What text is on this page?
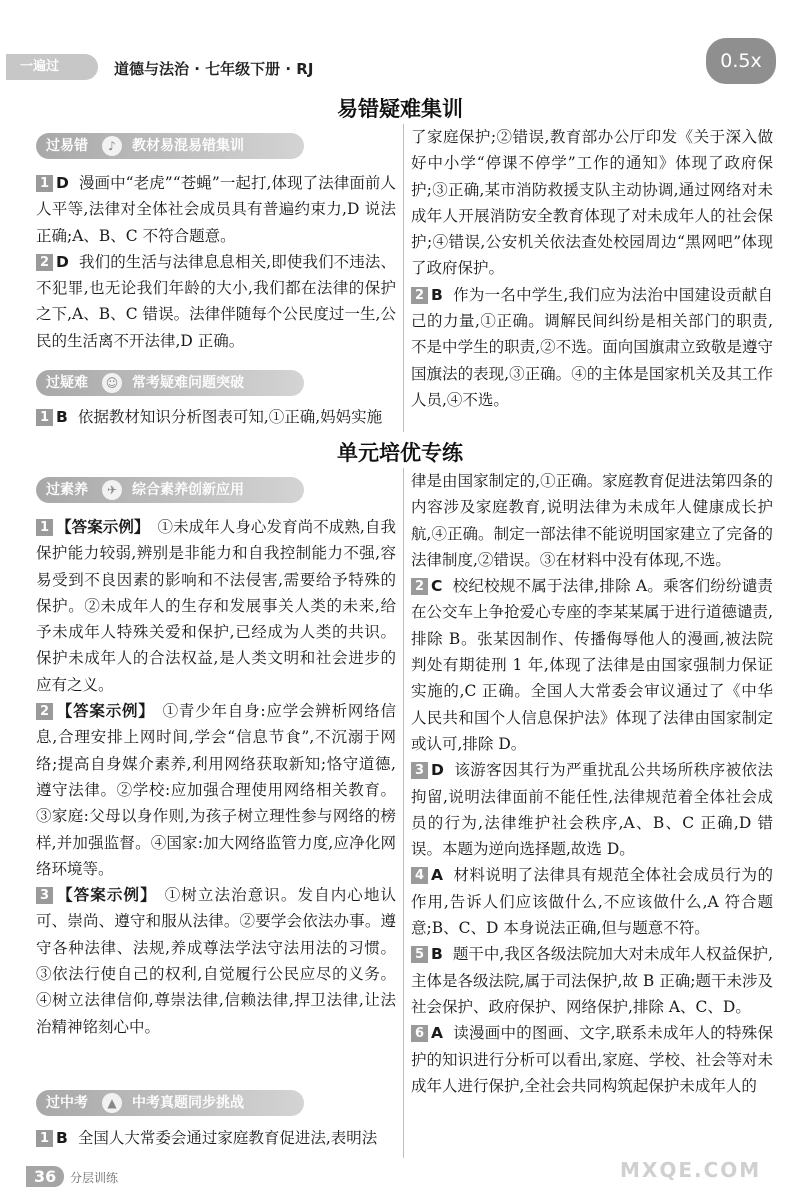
一遍过	道德与法治 · 七年级下册 · RJ	0.5x
易错疑难集训
过易错	♪	教材易混易错集训

1 D 漫画中“老虎”“苍蝇”一起打,体现了法律面前人人平等,法律对全体社会成员具有普遍约束力,D 说法正确;A、B、C 不符合题意。

2 D 我们的生活与法律息息相关,即使我们不违法、不犯罪,也无论我们年龄的大小,我们都在法律的保护之下,A、B、C 错误。法律伴随每个公民度过一生,公民的生活离不开法律,D 正确。

过疑难	☺ 常考疑难问题突破

1 B 依据教材知识分析图表可知,①正确,妈妈实施

了家庭保护;②错误,教育部办公厅印发《关于深入做好中小学“停课不停学”工作的通知》体现了政府保护;③正确,某市消防救援支队主动协调,通过网络对未成年人开展消防安全教育体现了对未成年人的社会保护;④错误,公安机关依法查处校园周边“黑网吧”体现了政府保护。

2 B 作为一名中学生,我们应为法治中国建设贡献自己的力量,①正确。调解民间纠纷是相关部门的职责,不是中学生的职责,②不选。面向国旗肃立致敬是遵守国旗法的表现,③正确。④的主体是国家机关及其工作人员,④不选。

单元培优专练
过素养	✈	综合素养创新应用

1 【答案示例】 ①未成年人身心发育尚不成熟,自我保护能力较弱,辨别是非能力和自我控制能力不强,容易受到不良因素的影响和不法侵害,需要给予特殊的保护。②未成年人的生存和发展事关人类的未来,给予未成年人特殊关爱和保护,已经成为人类的共识。保护未成年人的合法权益,是人类文明和社会进步的应有之义。

2 【答案示例】 ①青少年自身:应学会辨析网络信息,合理安排上网时间,学会“信息节食”,不沉溺于网络;提高自身媒介素养,利用网络获取新知;恪守道德,遵守法律。②学校:应加强合理使用网络相关教育。③家庭:父母以身作则,为孩子树立理性参与网络的榜样,并加强监督。④国家:加大网络监管力度,应净化网络环境等。

3 【答案示例】 ①树立法治意识。发自内心地认可、崇尚、遵守和服从法律。②要学会依法办事。遵守各种法律、法规,养成尊法学法守法用法的习惯。③依法行使自己的权利,自觉履行公民应尽的义务。④树立法律信仰,尊崇法律,信赖法律,捍卫法律,让法治精神铭刻心中。

过中考	▲	中考真题同步挑战

1 B 全国人大常委会通过家庭教育促进法,表明法

律是由国家制定的,①正确。家庭教育促进法第四条的内容涉及家庭教育,说明法律为未成年人健康成长护航,④正确。制定一部法律不能说明国家建立了完备的法律制度,②错误。③在材料中没有体现,不选。

2 C 校纪校规不属于法律,排除 A。乘客们纷纷谴责在公交车上争抢爱心专座的李某某属于进行道德谴责,排除 B。张某因制作、传播侮辱他人的漫画,被法院判处有期徒刑 1 年,体现了法律是由国家强制力保证实施的,C 正确。全国人大常委会审议通过了《中华人民共和国个人信息保护法》体现了法律由国家制定或认可,排除 D。

3 D 该游客因其行为严重扰乱公共场所秩序被依法拘留,说明法律面前不能任性,法律规范着全体社会成员的行为,法律维护社会秩序,A、B、C 正确,D 错误。本题为逆向选择题,故选 D。

4 A 材料说明了法律具有规范全体社会成员行为的作用,告诉人们应该做什么,不应该做什么,A 符合题意;B、C、D 本身说法正确,但与题意不符。

5 B 题干中,我区各级法院加大对未成年人权益保护,主体是各级法院,属于司法保护,故 B 正确;题干未涉及社会保护、政府保护、网络保护,排除 A、C、D。

6 A 读漫画中的图画、文字,联系未成年人的特殊保护的知识进行分析可以看出,家庭、学校、社会等对未成年人进行保护,全社会共同构筑起保护未成年人的

36	分层训练	MXQE.COM
